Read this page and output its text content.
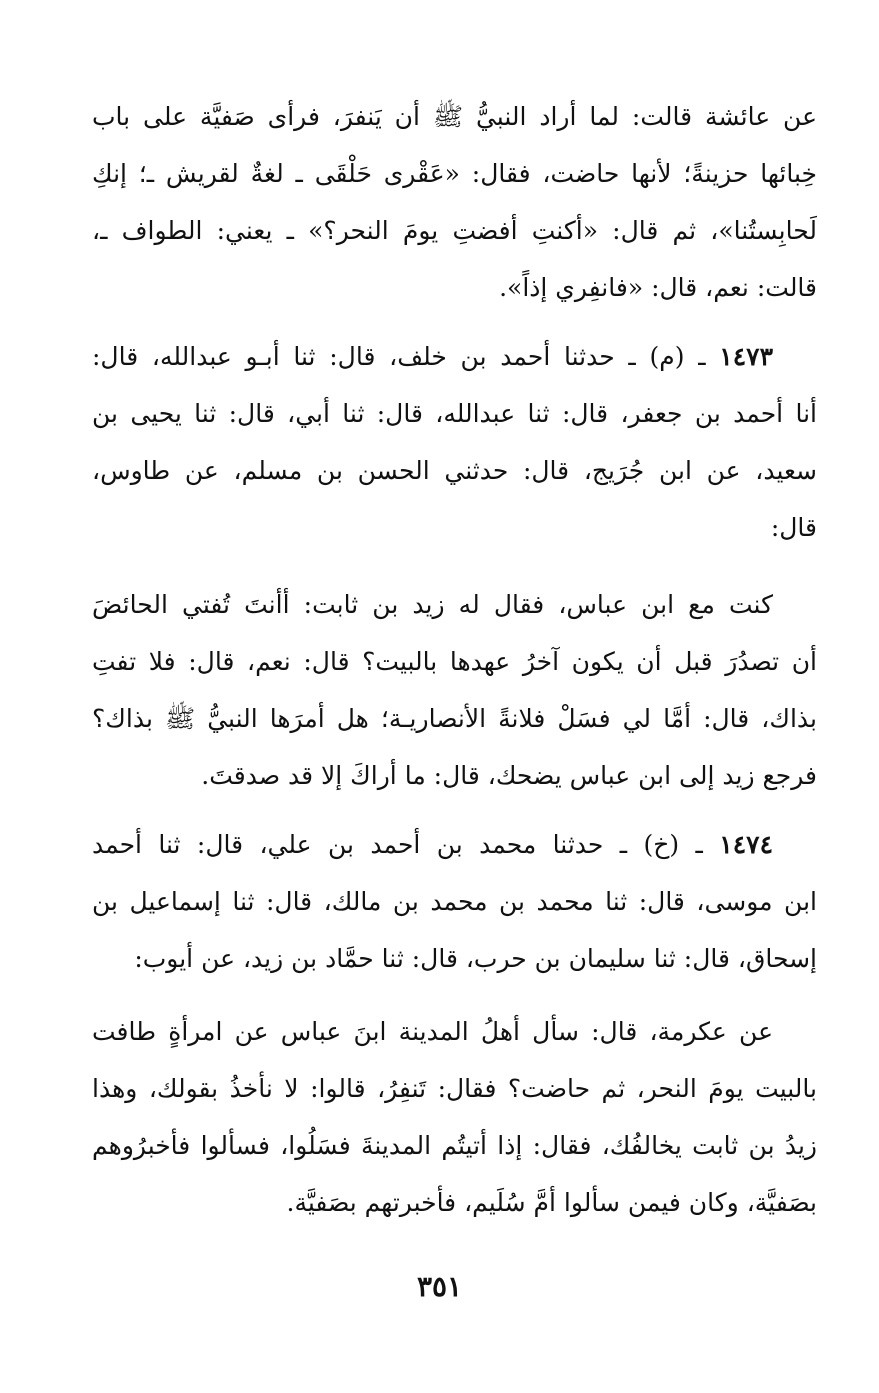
عن عائشة قالت: لما أراد النبيُّ ﷺ أن يَنفرَ، فرأى صَفيَّة على باب
خِبائها حزينةً؛ لأنها حاضت، فقال: «عَقْرى حَلْقَى ـ لغةٌ لقريش ـ؛ إنكِ
لَحابِستُنا»، ثم قال: «أكنتِ أفضتِ يومَ النحر؟» ـ يعني: الطواف ـ،
قالت: نعم، قال: «فانفِري إذاً».
١٤٧٣ ـ (م) ـ حدثنا أحمد بن خلف، قال: ثنا أبـو عبدالله، قال:
أنا أحمد بن جعفر، قال: ثنا عبدالله، قال: ثنا أبي، قال: ثنا يحيى بن
سعيد، عن ابن جُرَيج، قال: حدثني الحسن بن مسلم، عن طاوس،
قال:
كنت مع ابن عباس، فقال له زيد بن ثابت: أأنتَ تُفتي الحائضَ
أن تصدُرَ قبل أن يكون آخرُ عهدها بالبيت؟ قال: نعم، قال: فلا تفتِ
بذاك، قال: أمَّا لي فسَلْ فلانةً الأنصاريـة؛ هل أمرَها النبيُّ ﷺ بذاك؟
فرجع زيد إلى ابن عباس يضحك، قال: ما أراكَ إلا قد صدقتَ.
١٤٧٤ ـ (خ) ـ حدثنا محمد بن أحمد بن علي، قال: ثنا أحمد
ابن موسى، قال: ثنا محمد بن محمد بن مالك، قال: ثنا إسماعيل بن
إسحاق، قال: ثنا سليمان بن حرب، قال: ثنا حمَّاد بن زيد، عن أيوب:
عن عكرمة، قال: سأل أهلُ المدينة ابنَ عباس عن امرأةٍ طافت
بالبيت يومَ النحر، ثم حاضت؟ فقال: تَنفِرُ، قالوا: لا نأخذُ بقولك، وهذا
زيدُ بن ثابت يخالفُك، فقال: إذا أتيتُم المدينةَ فسَلُوا، فسألوا فأخبرُوهم
بصَفيَّة، وكان فيمن سألوا أمَّ سُلَيم، فأخبرتهم بصَفيَّة.
٣٥١
